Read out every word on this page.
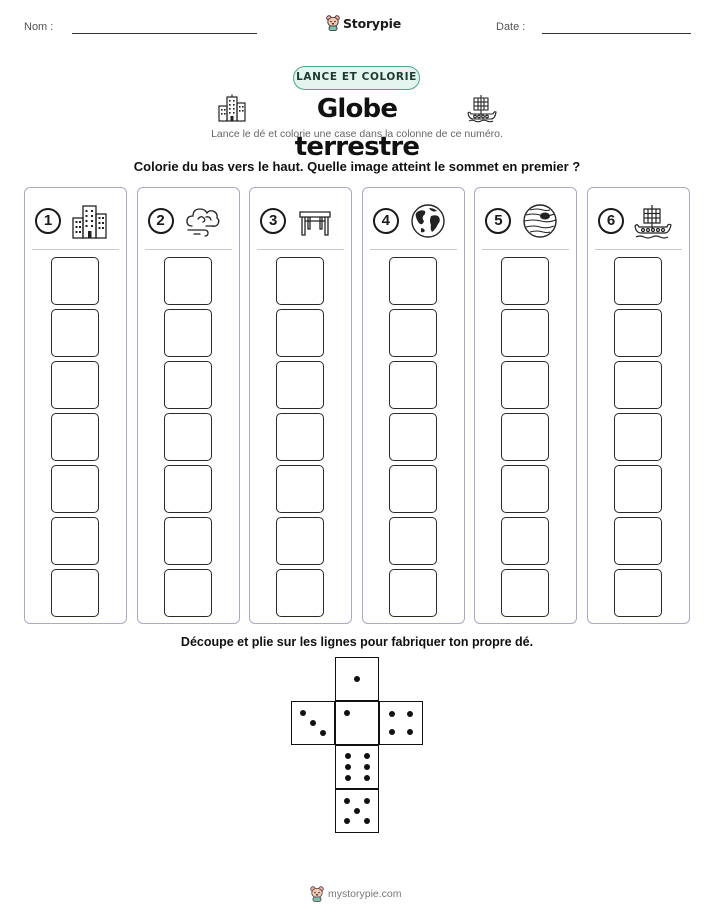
Nom :	Storypie	Date :
LANCE ET COLORIE
Globe terrestre
Lance le dé et colorie une case dans la colonne de ce numéro.
Colorie du bas vers le haut. Quelle image atteint le sommet en premier ?
1	2	3	4	5	6
Découpe et plie sur les lignes pour fabriquer ton propre dé.
mystorypie.com
